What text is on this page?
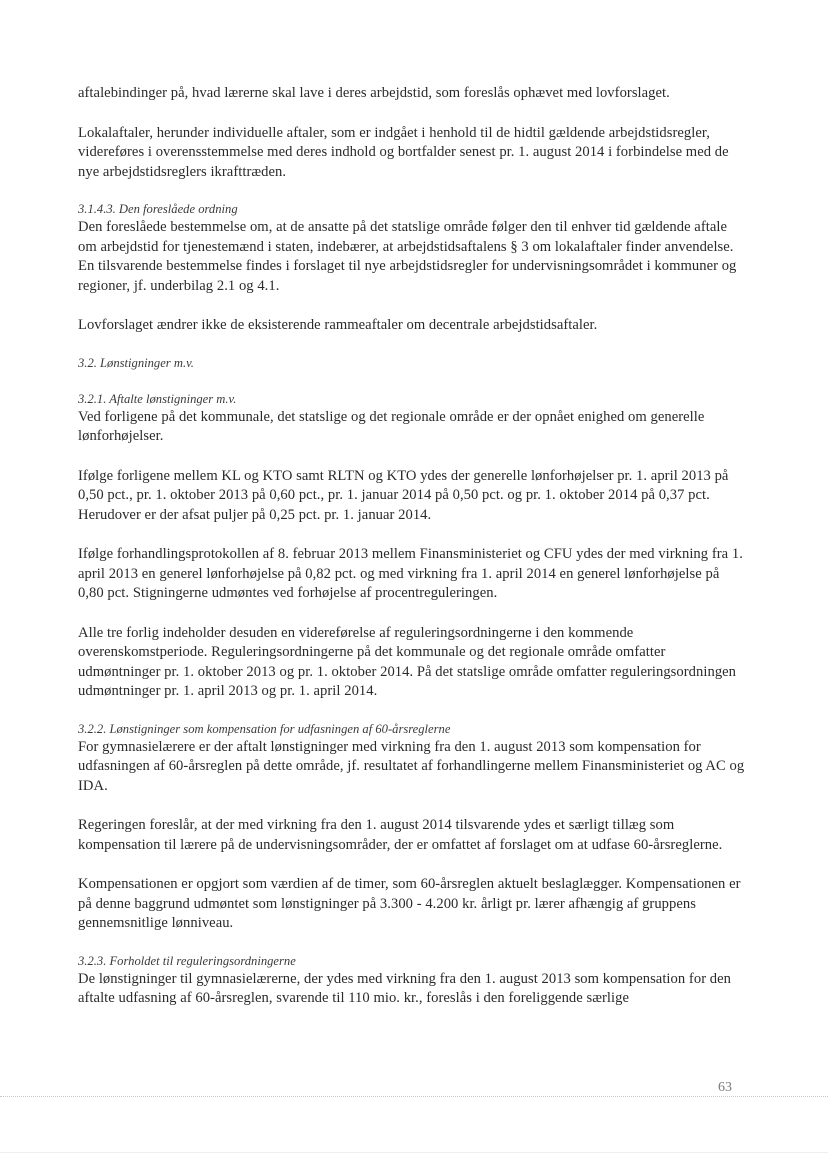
aftalebindinger på, hvad lærerne skal lave i deres arbejdstid, som foreslås ophævet med lovforslaget.

Lokalaftaler, herunder individuelle aftaler, som er indgået i henhold til de hidtil gældende arbejdstidsregler, videreføres i overensstemmelse med deres indhold og bortfalder senest pr. 1. august 2014 i forbindelse med de nye arbejdstidsreglers ikrafttræden.

3.1.4.3. Den foreslåede ordning

Den foreslåede bestemmelse om, at de ansatte på det statslige område følger den til enhver tid gældende aftale om arbejdstid for tjenestemænd i staten, indebærer, at arbejdstidsaftalens § 3 om lokalaftaler finder anvendelse. En tilsvarende bestemmelse findes i forslaget til nye arbejdstidsregler for undervisningsområdet i kommuner og regioner, jf. underbilag 2.1 og 4.1.

Lovforslaget ændrer ikke de eksisterende rammeaftaler om decentrale arbejdstidsaftaler.

3.2. Lønstigninger m.v.
3.2.1. Aftalte lønstigninger m.v.

Ved forligene på det kommunale, det statslige og det regionale område er der opnået enighed om generelle lønforhøjelser.

Ifølge forligene mellem KL og KTO samt RLTN og KTO ydes der generelle lønforhøjelser pr. 1. april 2013 på 0,50 pct., pr. 1. oktober 2013 på 0,60 pct., pr. 1. januar 2014 på 0,50 pct. og pr. 1. oktober 2014 på 0,37 pct. Herudover er der afsat puljer på 0,25 pct. pr. 1. januar 2014.

Ifølge forhandlingsprotokollen af 8. februar 2013 mellem Finansministeriet og CFU ydes der med virkning fra 1. april 2013 en generel lønforhøjelse på 0,82 pct. og med virkning fra 1. april 2014 en generel lønforhøjelse på 0,80 pct. Stigningerne udmøntes ved forhøjelse af procentreguleringen.

Alle tre forlig indeholder desuden en videreførelse af reguleringsordningerne i den kommende overenskomstperiode. Reguleringsordningerne på det kommunale og det regionale område omfatter udmøntninger pr. 1. oktober 2013 og pr. 1. oktober 2014. På det statslige område omfatter reguleringsordningen udmøntninger pr. 1. april 2013 og pr. 1. april 2014.

3.2.2. Lønstigninger som kompensation for udfasningen af 60-årsreglerne

For gymnasielærere er der aftalt lønstigninger med virkning fra den 1. august 2013 som kompensation for udfasningen af 60-årsreglen på dette område, jf. resultatet af forhandlingerne mellem Finansministeriet og AC og IDA.

Regeringen foreslår, at der med virkning fra den 1. august 2014 tilsvarende ydes et særligt tillæg som kompensation til lærere på de undervisningsområder, der er omfattet af forslaget om at udfase 60-årsreglerne.

Kompensationen er opgjort som værdien af de timer, som 60-årsreglen aktuelt beslaglægger. Kompensationen er på denne baggrund udmøntet som lønstigninger på 3.300 - 4.200 kr. årligt pr. lærer afhængig af gruppens gennemsnitlige lønniveau.

3.2.3. Forholdet til reguleringsordningerne

De lønstigninger til gymnasielærerne, der ydes med virkning fra den 1. august 2013 som kompensation for den aftalte udfasning af 60-årsreglen, svarende til 110 mio. kr., foreslås i den foreliggende særlige

63
